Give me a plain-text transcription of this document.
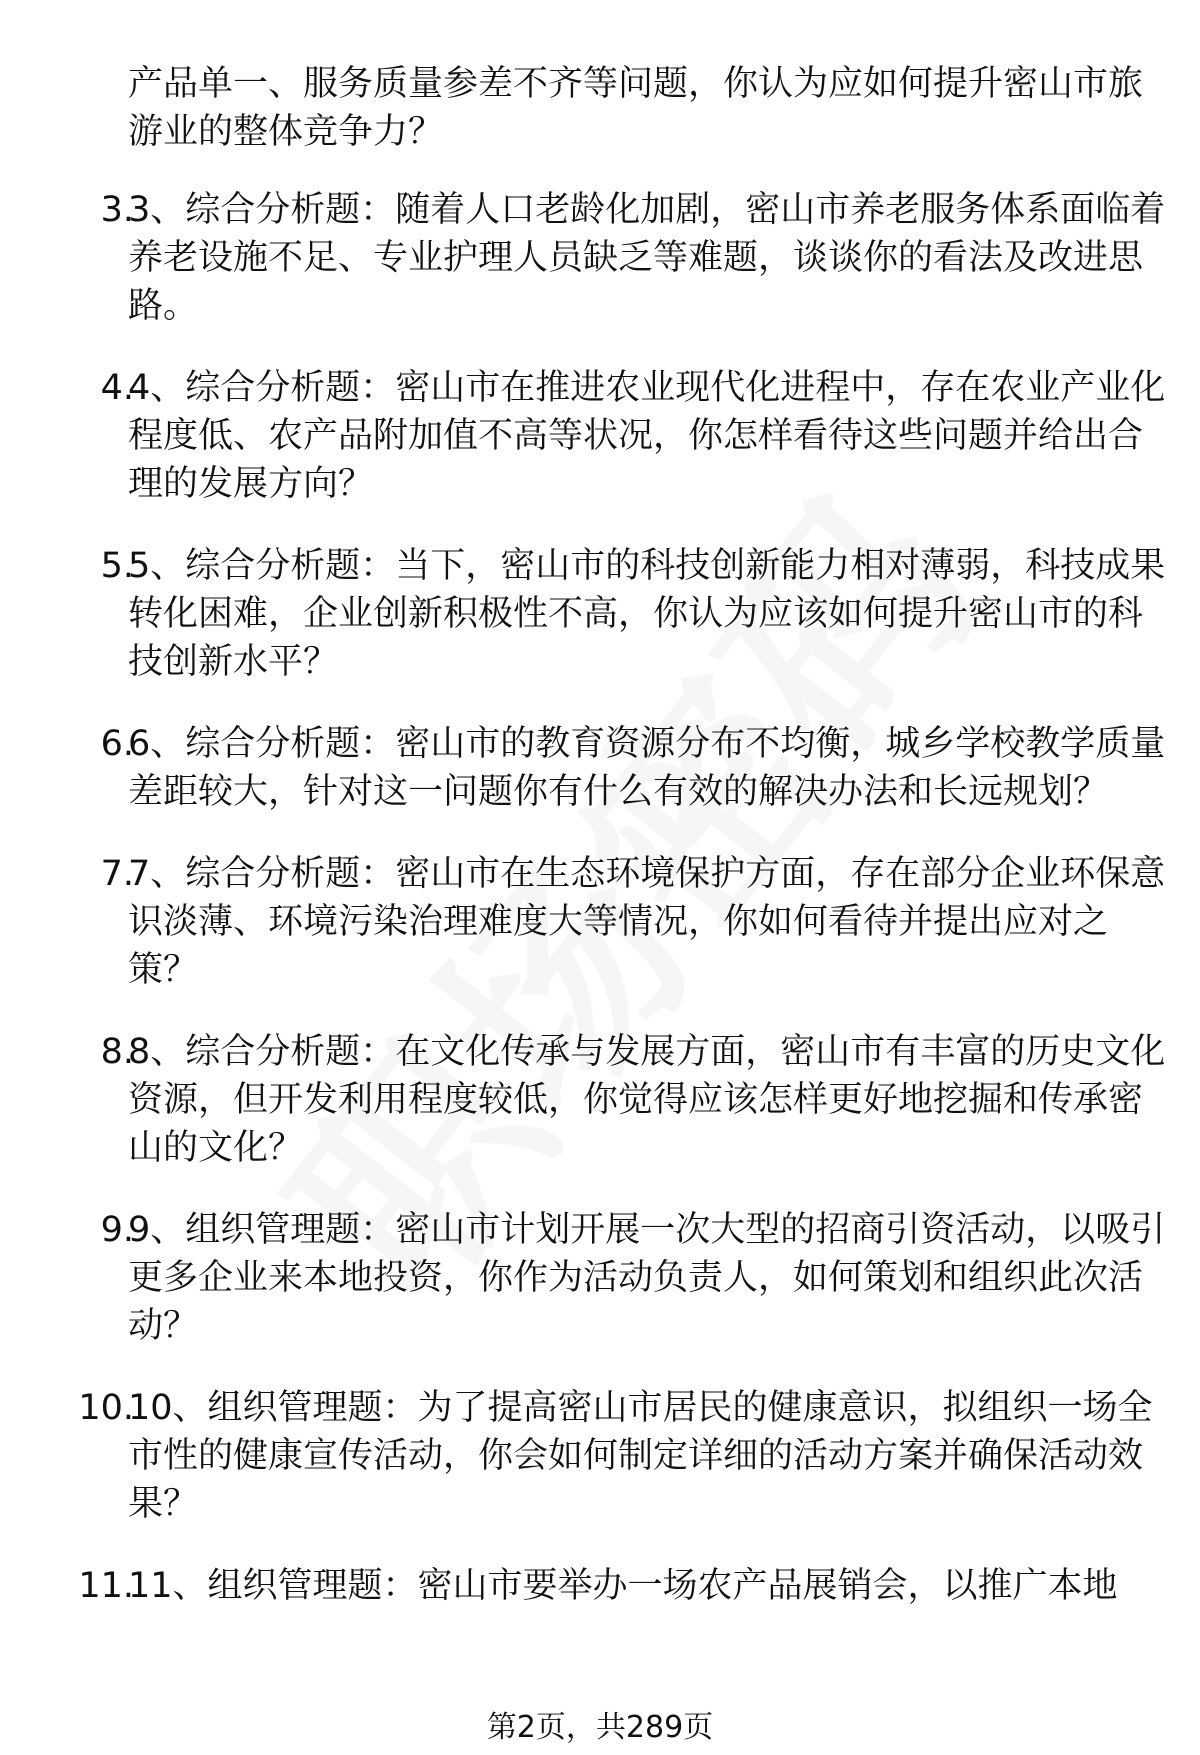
产品单一、服务质量参差不齐等问题，你认为应如何提升密山市旅游业的整体竞争力？

3.
3、综合分析题：随着人口老龄化加剧，密山市养老服务体系面临着养老设施不足、专业护理人员缺乏等难题，谈谈你的看法及改进思路。
4.
4、综合分析题：密山市在推进农业现代化进程中，存在农业产业化程度低、农产品附加值不高等状况，你怎样看待这些问题并给出合理的发展方向？
5.
5、综合分析题：当下，密山市的科技创新能力相对薄弱，科技成果转化困难，企业创新积极性不高，你认为应该如何提升密山市的科技创新水平？
6.
6、综合分析题：密山市的教育资源分布不均衡，城乡学校教学质量差距较大，针对这一问题你有什么有效的解决办法和长远规划？
7.
7、综合分析题：密山市在生态环境保护方面，存在部分企业环保意识淡薄、环境污染治理难度大等情况，你如何看待并提出应对之策？
8.
8、综合分析题：在文化传承与发展方面，密山市有丰富的历史文化资源，但开发利用程度较低，你觉得应该怎样更好地挖掘和传承密山的文化？
9.
9、组织管理题：密山市计划开展一次大型的招商引资活动，以吸引更多企业来本地投资，你作为活动负责人，如何策划和组织此次活动？
10.
10、组织管理题：为了提高密山市居民的健康意识，拟组织一场全市性的健康宣传活动，你会如何制定详细的活动方案并确保活动效果？
11.
11、组织管理题：密山市要举办一场农产品展销会，以推广本地
第2页，共289页
